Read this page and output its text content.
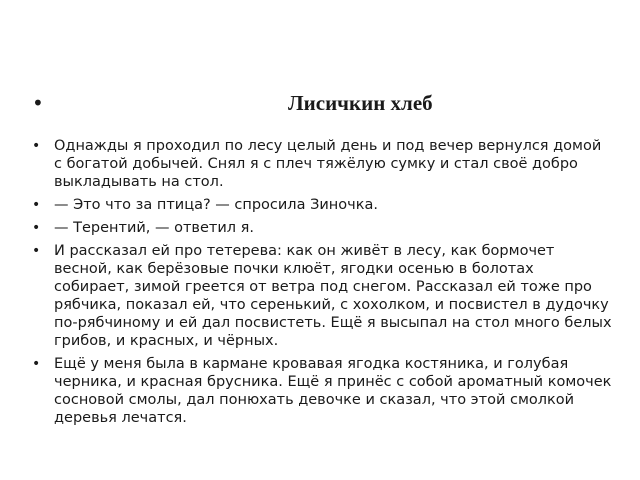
•	Лисичкин хлеб
• Однажды я проходил по лесу целый день и под вечер вернулся домой с богатой добычей. Снял я с плеч тяжёлую сумку и стал своё добро выкладывать на стол.
• — Это что за птица? — спросила Зиночка.
• — Терентий, — ответил я.
• И рассказал ей про тетерева: как он живёт в лесу, как бормочет весной, как берёзовые почки клюёт, ягодки осенью в болотах собирает, зимой греется от ветра под снегом. Рассказал ей тоже про рябчика, показал ей, что серенький, с хохолком, и посвистел в дудочку по-рябчиному и ей дал посвистеть. Ещё я высыпал на стол много белых грибов, и красных, и чёрных.
• Ещё у меня была в кармане кровавая ягодка костяника, и голубая черника, и красная брусника. Ещё я принёс с собой ароматный комочек сосновой смолы, дал понюхать девочке и сказал, что этой смолкой деревья лечатся.
